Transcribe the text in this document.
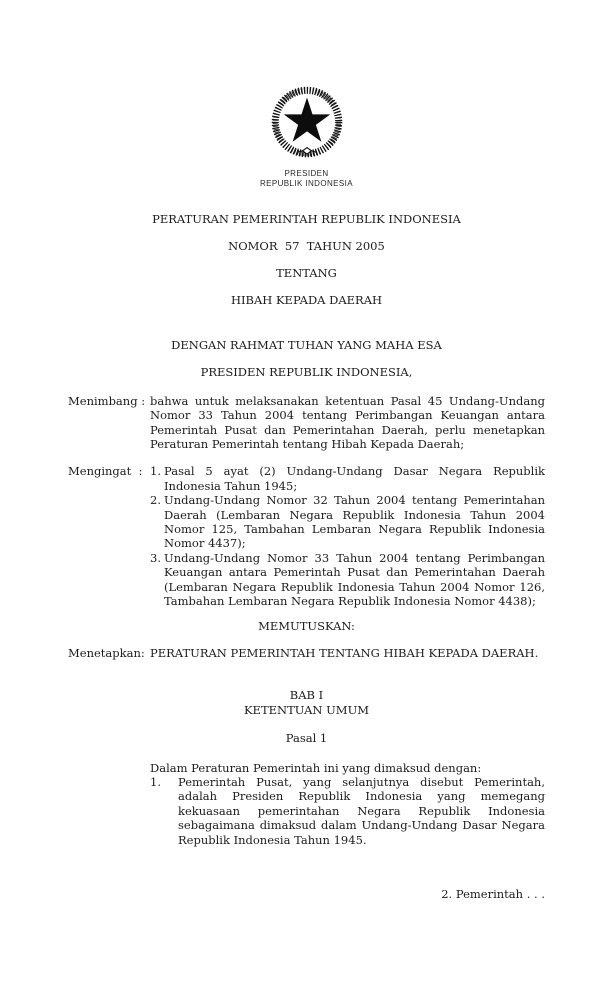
PRESIDEN
REPUBLIK INDONESIA
PERATURAN PEMERINTAH REPUBLIK INDONESIA
NOMOR  57  TAHUN 2005
TENTANG
HIBAH KEPADA DAERAH
DENGAN RAHMAT TUHAN YANG MAHA ESA
PRESIDEN REPUBLIK INDONESIA,
Menimbang : bahwa untuk melaksanakan ketentuan Pasal 45 Undang-Undang Nomor 33 Tahun 2004 tentang Perimbangan Keuangan antara Pemerintah Pusat dan Pemerintahan Daerah, perlu menetapkan Peraturan Pemerintah tentang Hibah Kepada Daerah;
Mengingat  : 1. Pasal 5 ayat (2) Undang-Undang Dasar Negara Republik Indonesia Tahun 1945;
2. Undang-Undang Nomor 32 Tahun 2004 tentang Pemerintahan Daerah (Lembaran Negara Republik Indonesia Tahun 2004 Nomor 125, Tambahan Lembaran Negara Republik Indonesia Nomor 4437);
3. Undang-Undang Nomor 33 Tahun 2004 tentang Perimbangan Keuangan antara Pemerintah Pusat dan Pemerintahan Daerah (Lembaran Negara Republik Indonesia Tahun 2004 Nomor 126, Tambahan Lembaran Negara Republik Indonesia Nomor 4438);
MEMUTUSKAN:
Menetapkan: PERATURAN PEMERINTAH TENTANG HIBAH KEPADA DAERAH.
BAB I
KETENTUAN UMUM
Pasal 1
Dalam Peraturan Pemerintah ini yang dimaksud dengan:
1.	Pemerintah Pusat, yang selanjutnya disebut Pemerintah, adalah Presiden Republik Indonesia yang memegang kekuasaan pemerintahan Negara Republik Indonesia sebagaimana dimaksud dalam Undang-Undang Dasar Negara Republik Indonesia Tahun 1945.
2. Pemerintah . . .
